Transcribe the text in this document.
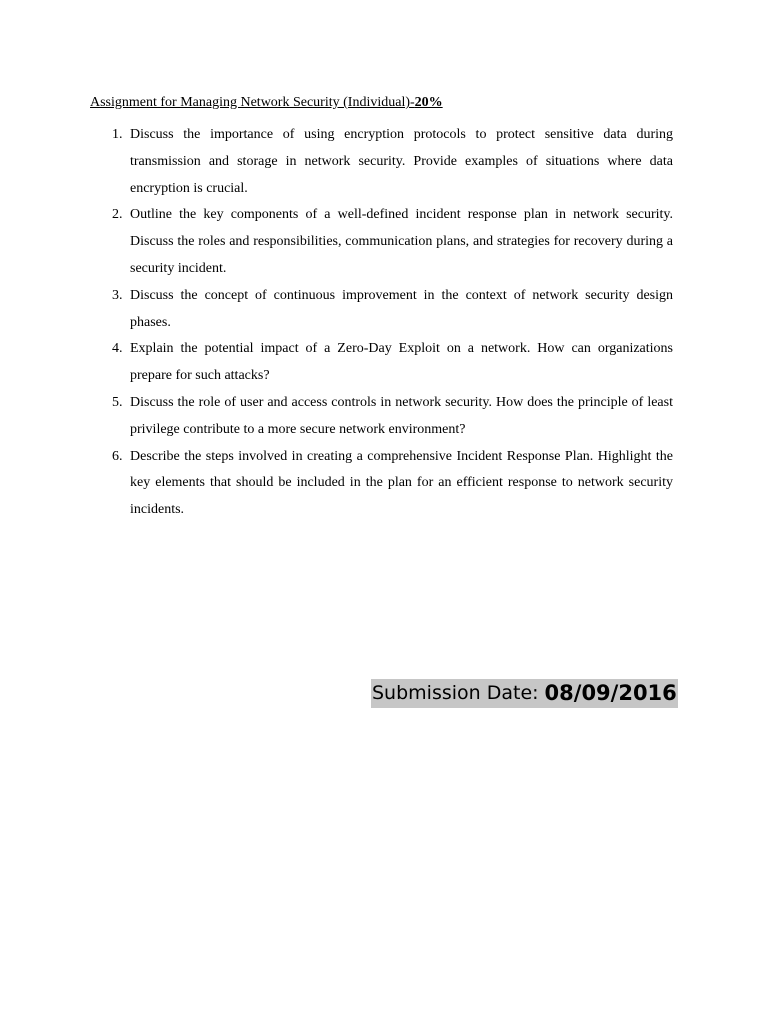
Assignment for Managing Network Security (Individual)-20%
1. Discuss the importance of using encryption protocols to protect sensitive data during transmission and storage in network security. Provide examples of situations where data encryption is crucial.
2. Outline the key components of a well-defined incident response plan in network security. Discuss the roles and responsibilities, communication plans, and strategies for recovery during a security incident.
3. Discuss the concept of continuous improvement in the context of network security design phases.
4. Explain the potential impact of a Zero-Day Exploit on a network. How can organizations prepare for such attacks?
5. Discuss the role of user and access controls in network security. How does the principle of least privilege contribute to a more secure network environment?
6. Describe the steps involved in creating a comprehensive Incident Response Plan. Highlight the key elements that should be included in the plan for an efficient response to network security incidents.
Submission Date: 08/09/2016
